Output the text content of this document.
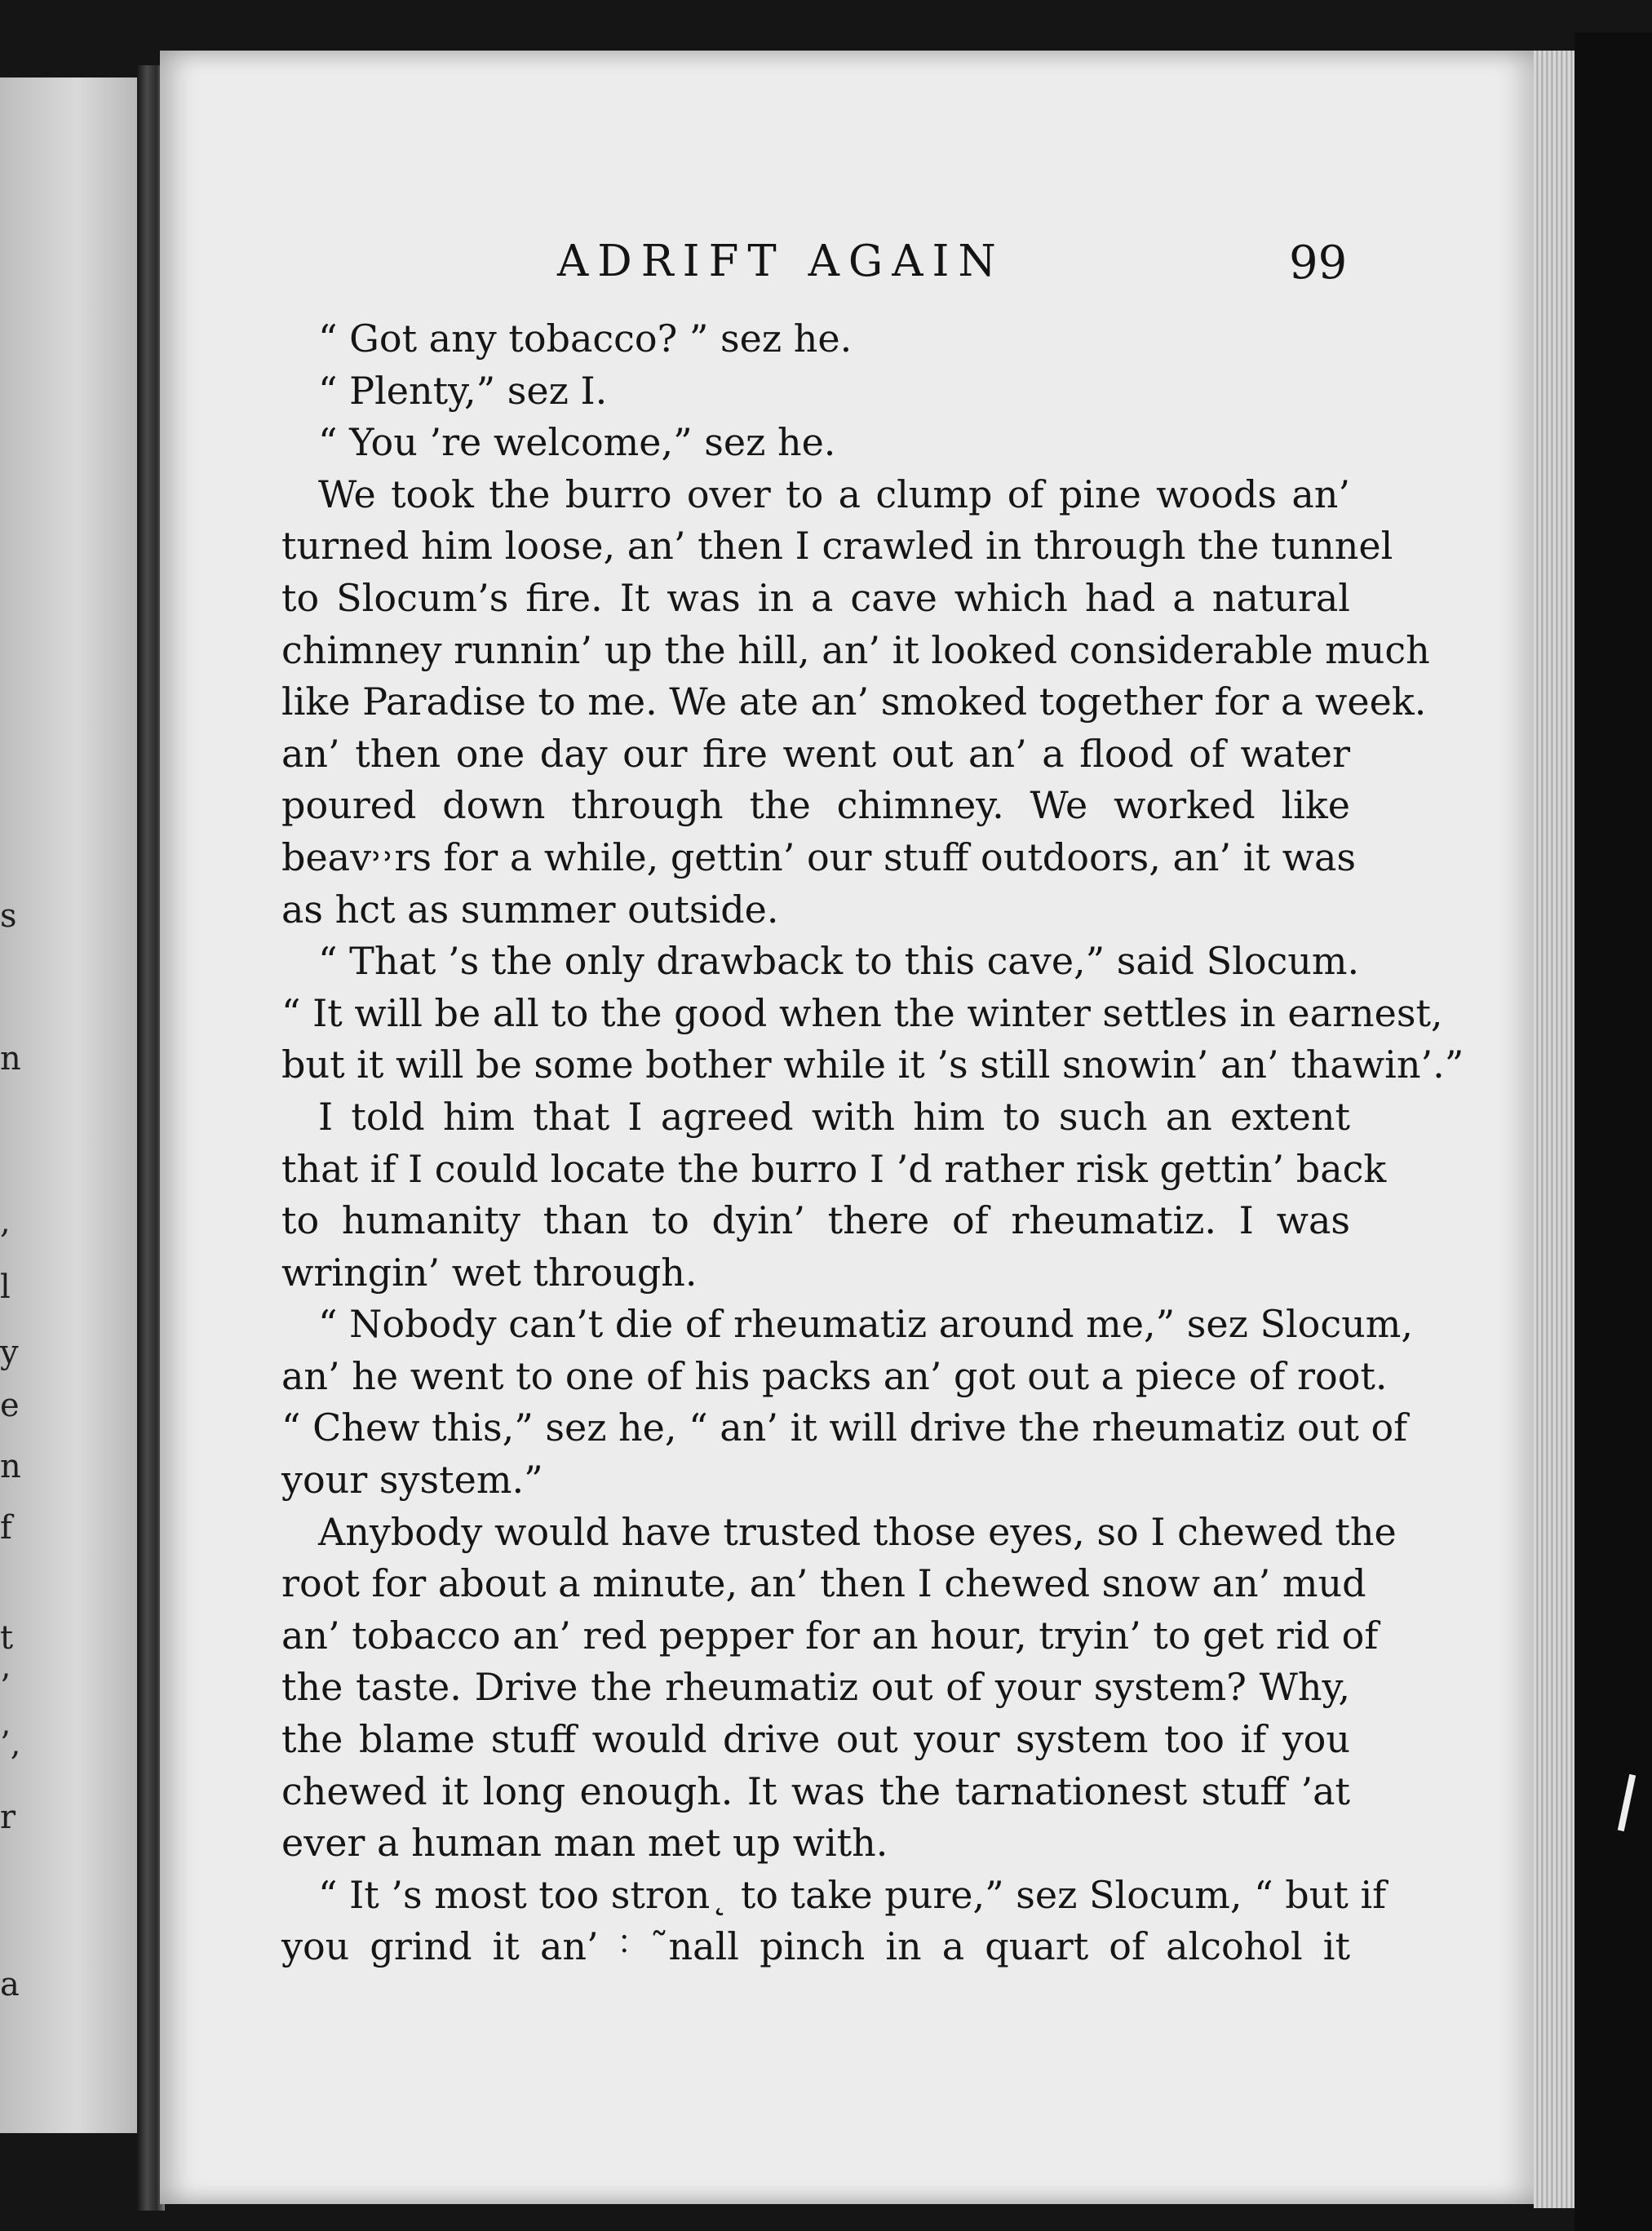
s
n
,
l
y
e
n
f
t
’
’,
r
a
ADRIFT AGAIN	99
“ Got any tobacco? ” sez he.
“ Plenty,” sez I.
“ You ’re welcome,” sez he.
We took the burro over to a clump of pine woods an’
turned him loose, an’ then I crawled in through the tunnel
to Slocum’s fire. It was in a cave which had a natural
chimney runnin’ up the hill, an’ it looked considerable much
like Paradise to me. We ate an’ smoked together for a week.
an’ then one day our fire went out an’ a flood of water
poured down through the chimney. We worked like
beav˒˒rs for a while, gettin’ our stuff outdoors, an’ it was
as hct as summer outside.
“ That ’s the only drawback to this cave,” said Slocum.
“ It will be all to the good when the winter settles in earnest,
but it will be some bother while it ’s still snowin’ an’ thawin’.”
I told him that I agreed with him to such an extent
that if I could locate the burro I ’d rather risk gettin’ back
to humanity than to dyin’ there of rheumatiz. I was
wringin’ wet through.
“ Nobody can’t die of rheumatiz around me,” sez Slocum,
an’ he went to one of his packs an’ got out a piece of root.
“ Chew this,” sez he, “ an’ it will drive the rheumatiz out of
your system.”
Anybody would have trusted those eyes, so I chewed the
root for about a minute, an’ then I chewed snow an’ mud
an’ tobacco an’ red pepper for an hour, tryin’ to get rid of
the taste. Drive the rheumatiz out of your system? Why,
the blame stuff would drive out your system too if you
chewed it long enough. It was the tarnationest stuff ’at
ever a human man met up with.
“ It ’s most too stron˛ to take pure,” sez Slocum, “ but if
you grind it an’ ˸ ˜nall pinch in a quart of alcohol it
